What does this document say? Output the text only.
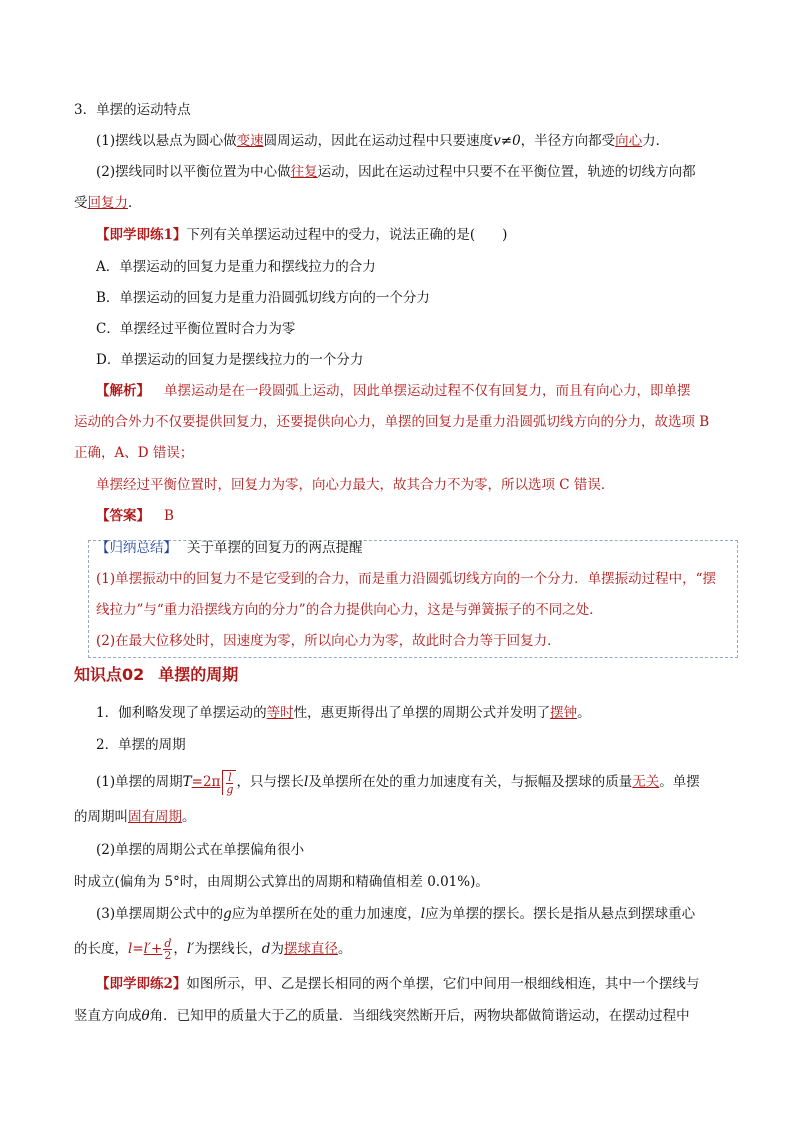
3．单摆的运动特点
(1)摆线以悬点为圆心做变速圆周运动，因此在运动过程中只要速度v≠0，半径方向都受向心力．
(2)摆线同时以平衡位置为中心做往复运动，因此在运动过程中只要不在平衡位置，轨迹的切线方向都
受回复力．
【即学即练1】下列有关单摆运动过程中的受力，说法正确的是(　　)
A．单摆运动的回复力是重力和摆线拉力的合力
B．单摆运动的回复力是重力沿圆弧切线方向的一个分力
C．单摆经过平衡位置时合力为零
D．单摆运动的回复力是摆线拉力的一个分力
【解析】 单摆运动是在一段圆弧上运动，因此单摆运动过程不仅有回复力，而且有向心力，即单摆
运动的合外力不仅要提供回复力，还要提供向心力，单摆的回复力是重力沿圆弧切线方向的分力，故选项 B
正确，A、D 错误；
单摆经过平衡位置时，回复力为零，向心力最大，故其合力不为零，所以选项 C 错误．
【答案】 B
【归纳总结】 关于单摆的回复力的两点提醒
(1)单摆振动中的回复力不是它受到的合力，而是重力沿圆弧切线方向的一个分力．单摆振动过程中，“摆
线拉力”与“重力沿摆线方向的分力”的合力提供向心力，这是与弹簧振子的不同之处．
(2)在最大位移处时，因速度为零，所以向心力为零，故此时合力等于回复力．
知识点02 单摆的周期
1．伽利略发现了单摆运动的等时性，惠更斯得出了单摆的周期公式并发明了摆钟。
2．单摆的周期
(1)单摆的周期$T=2\pi \frac{l}{g}$ ，只与摆长l及单摆所在处的重力加速度有关，与振幅及摆球的质量无关。单摆
的周期叫固有周期。
(2)单摆的周期公式在单摆偏角很小
时成立(偏角为 5°时，由周期公式算出的周期和精确值相差 0.01%)。
(3)单摆周期公式中的g应为单摆所在处的重力加速度，l应为单摆的摆长。摆长是指从悬点到摆球重心
的长度，$l=l'+ \frac{d}{2}$ ，l′为摆线长，d为摆球直径。
【即学即练2】如图所示，甲、乙是摆长相同的两个单摆，它们中间用一根细线相连，其中一个摆线与
竖直方向成θ角．已知甲的质量大于乙的质量．当细线突然断开后，两物块都做简谐运动，在摆动过程中
